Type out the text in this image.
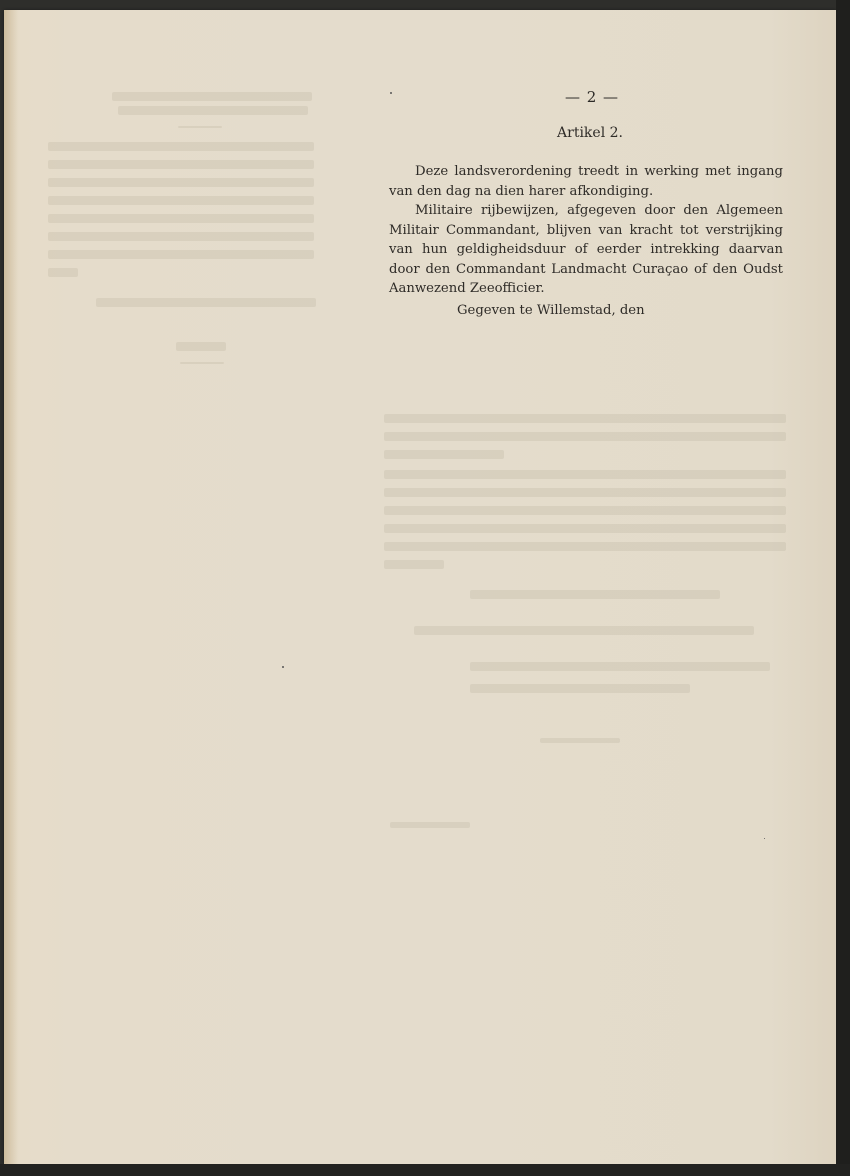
— 2 —
Artikel 2.
Deze landsverordening treedt in werking met ingang
van den dag na dien harer afkondiging.
Militaire rijbewijzen, afgegeven door den Algemeen
Militair Commandant, blijven van kracht tot verstrijking
van hun geldigheidsduur of eerder intrekking daarvan
door den Commandant Landmacht Curaçao of den Oudst
Aanwezend Zeeofficier.
Gegeven te Willemstad, den
